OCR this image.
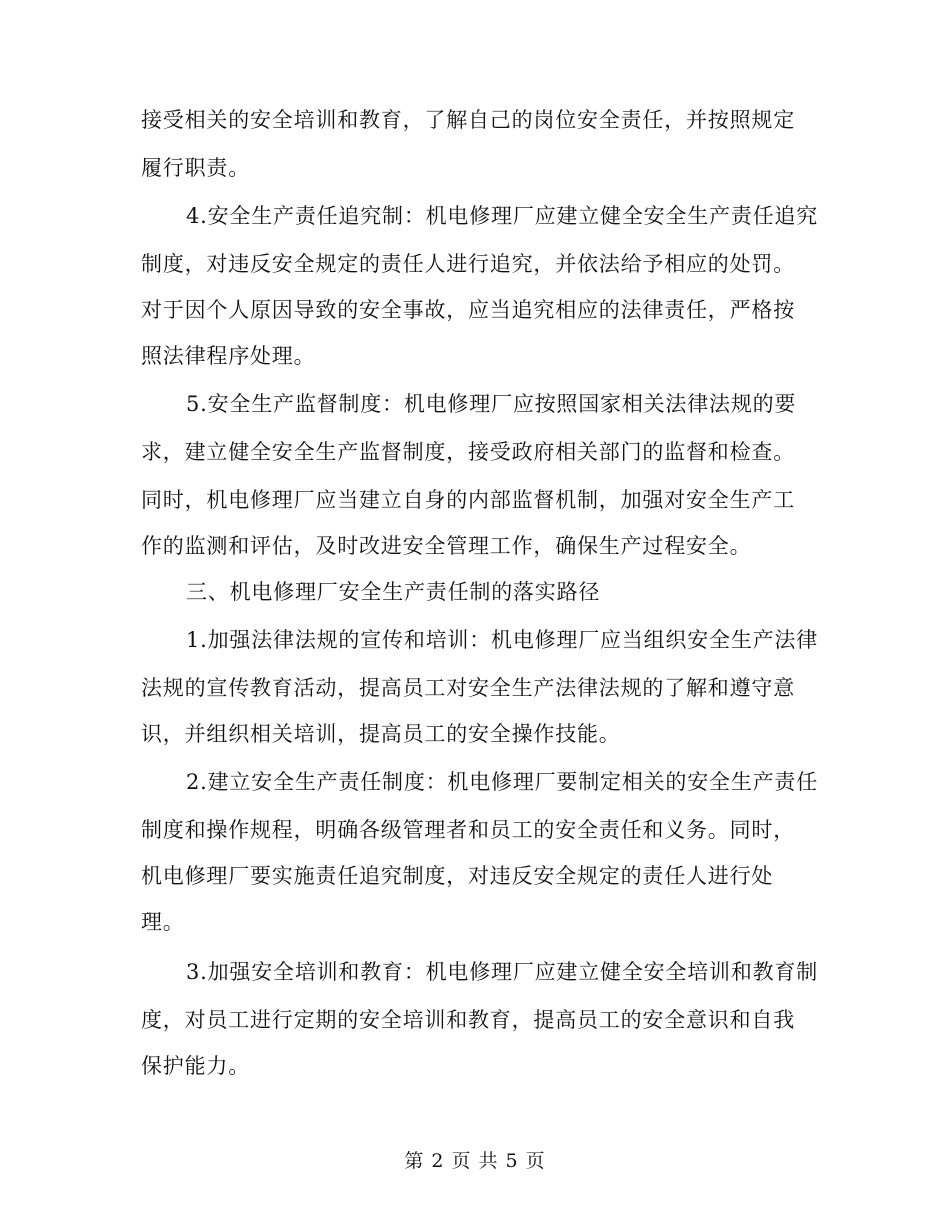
接受相关的安全培训和教育，了解自己的岗位安全责任，并按照规定
履行职责。
4.安全生产责任追究制：机电修理厂应建立健全安全生产责任追究
制度，对违反安全规定的责任人进行追究，并依法给予相应的处罚。
对于因个人原因导致的安全事故，应当追究相应的法律责任，严格按
照法律程序处理。
5.安全生产监督制度：机电修理厂应按照国家相关法律法规的要
求，建立健全安全生产监督制度，接受政府相关部门的监督和检查。
同时，机电修理厂应当建立自身的内部监督机制，加强对安全生产工
作的监测和评估，及时改进安全管理工作，确保生产过程安全。
三、机电修理厂安全生产责任制的落实路径
1.加强法律法规的宣传和培训：机电修理厂应当组织安全生产法律
法规的宣传教育活动，提高员工对安全生产法律法规的了解和遵守意
识，并组织相关培训，提高员工的安全操作技能。
2.建立安全生产责任制度：机电修理厂要制定相关的安全生产责任
制度和操作规程，明确各级管理者和员工的安全责任和义务。同时，
机电修理厂要实施责任追究制度，对违反安全规定的责任人进行处
理。
3.加强安全培训和教育：机电修理厂应建立健全安全培训和教育制
度，对员工进行定期的安全培训和教育，提高员工的安全意识和自我
保护能力。
第 2 页 共 5 页
